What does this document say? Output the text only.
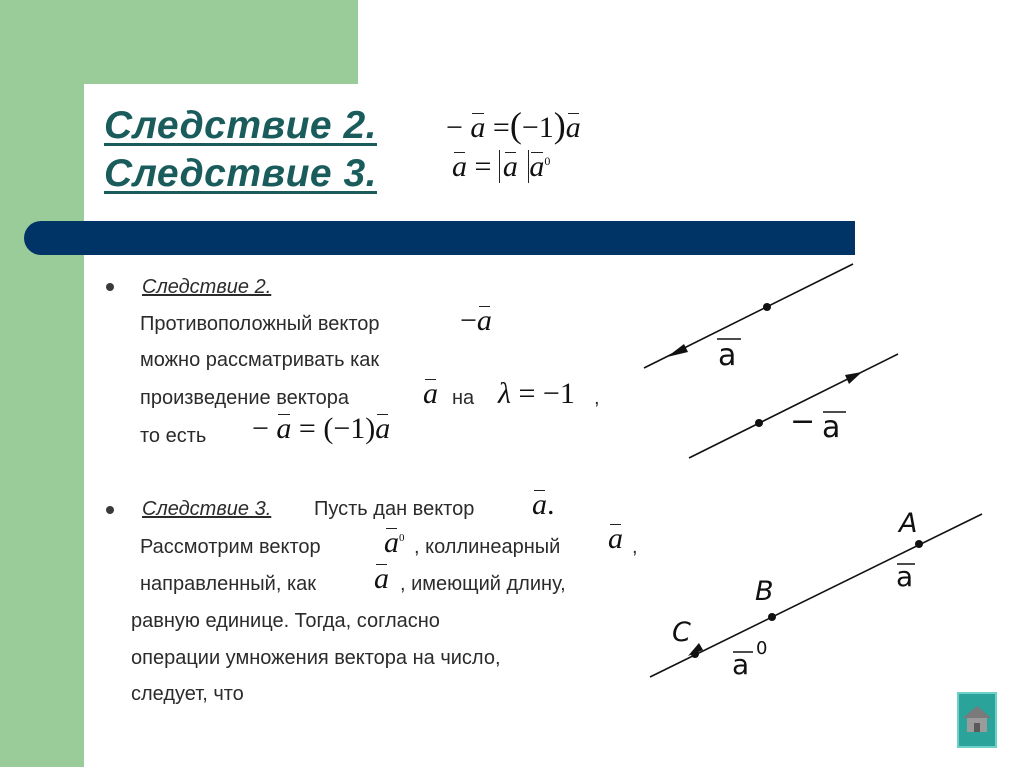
Следствие 2.
Следствие 3.
− a =(−1)a
a = a $a^0$
Следствие 2.
Противоположный вектор	−a
можно рассматривать как
произведение вектора a на λ = −1 ,
то есть − a = (−1)a
Следствие 3. Пусть дан вектор a.
Рассмотрим вектор $a^0$ , коллинеарный a ,
направленный, как a , имеющий длину,
равную единице. Тогда, согласно
операции умножения вектора на число,
следует, что
a
− a
A
B
C
a
a 0
